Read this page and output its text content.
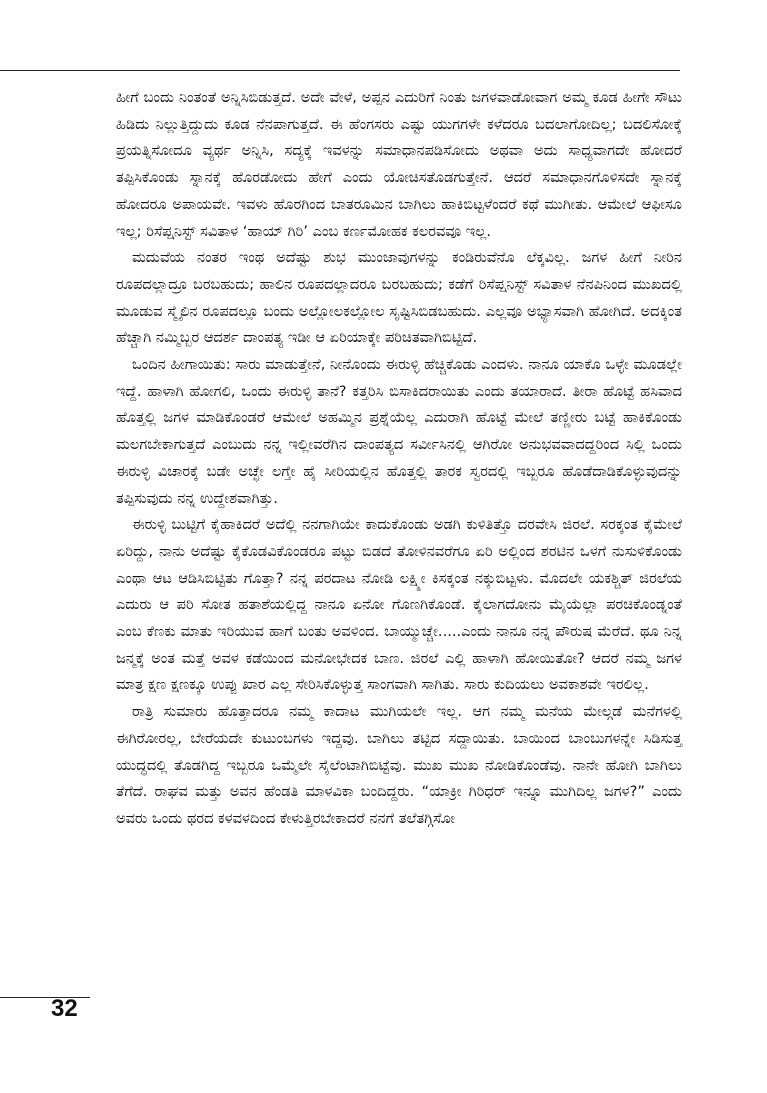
ಹೀಗೆ ಬಂದು ನಿಂತಂತೆ ಅನ್ನಿಸಿಬಿಡುತ್ತದೆ. ಅದೇ ವೇಳೆ, ಅಪ್ಪನ ಎದುರಿಗೆ ನಿಂತು ಜಗಳವಾಡೋವಾಗ ಅಮ್ಮ ಕೂಡ ಹೀಗೇ ಸೌಟು ಹಿಡಿದು ನಿಲ್ಲುತ್ತಿದ್ದುದು ಕೂಡ ನೆನಪಾಗುತ್ತದೆ. ಈ ಹೆಂಗಸರು ಎಷ್ಟು ಯುಗಗಳೇ ಕಳೆದರೂ ಬದಲಾಗೋದಿಲ್ಲ; ಬದಲಿಸೋಕ್ಕೆ ಪ್ರಯತ್ನಿಸೋದೂ ವ್ಯರ್ಥ ಅನ್ನಿಸಿ, ಸದ್ಯಕ್ಕೆ ಇವಳನ್ನು ಸಮಾಧಾನಪಡಿಸೋದು ಅಥವಾ ಅದು ಸಾಧ್ಯವಾಗದೇ ಹೋದರೆ ತಪ್ಪಿಸಿಕೊಂಡು ಸ್ನಾನಕ್ಕೆ ಹೊರಡೋದು ಹೇಗೆ ಎಂದು ಯೋಚಿಸತೊಡಗುತ್ತೇನೆ. ಆದರೆ ಸಮಾಧಾನಗೊಳಿಸದೇ ಸ್ನಾನಕ್ಕೆ ಹೋದರೂ ಅಪಾಯವೇ. ಇವಳು ಹೊರಗಿಂದ ಬಾತರೂಮಿನ ಬಾಗಿಲು ಹಾಕಿಬಿಟ್ಟಳೆಂದರೆ ಕಥೆ ಮುಗೀತು. ಆಮೇಲೆ ಆಫೀಸೂ ಇಲ್ಲ; ರಿಸೆಪ್ಷನಿಸ್ಟ್ ಸವಿತಾಳ ‘ಹಾಯ್ ಗಿರಿ’ ಎಂಬ ಕರ್ಣಮೋಹಕ ಕಲರವವೂ ಇಲ್ಲ.

ಮದುವೆಯ ನಂತರ ಇಂಥ ಅದೆಷ್ಟು ಶುಭ ಮುಂಜಾವುಗಳನ್ನು ಕಂಡಿರುವೆನೊ ಲೆಕ್ಕವಿಲ್ಲ. ಜಗಳ ಹೀಗೆ ನೀರಿನ ರೂಪದಲ್ಲಾದ್ರೂ ಬರಬಹುದು; ಹಾಲಿನ ರೂಪದಲ್ಲಾದರೂ ಬರಬಹುದು; ಕಡೆಗೆ ರಿಸೆಪ್ಷನಿಸ್ಟ್ ಸವಿತಾಳ ನೆನಪಿನಿಂದ ಮುಖದಲ್ಲಿ ಮೂಡುವ ಸ್ಮೈಲಿನ ರೂಪದಲ್ಲೂ ಬಂದು ಅಲ್ಲೋಲಕಲ್ಲೋಲ ಸೃಷ್ಟಿಸಿಬಿಡಬಹುದು. ಎಲ್ಲವೂ ಅಭ್ಯಾಸವಾಗಿ ಹೋಗಿದೆ. ಅದಕ್ಕಿಂತ ಹೆಚ್ಚಾಗಿ ನಮ್ಮಿಬ್ಬರ ಆದರ್ಶ ದಾಂಪತ್ಯ ಇಡೀ ಆ ಏರಿಯಾಕ್ಕೇ ಪರಿಚಿತವಾಗಿಬಿಟ್ಟಿದೆ.

ಒಂದಿನ ಹೀಗಾಯಿತು: ಸಾರು ಮಾಡುತ್ತೇನೆ, ನೀನೊಂದು ಈರುಳ್ಳಿ ಹೆಚ್ಚಿಕೊಡು ಎಂದಳು. ನಾನೂ ಯಾಕೊ ಒಳ್ಳೇ ಮೂಡಲ್ಲೇ ಇದ್ದೆ. ಹಾಳಾಗಿ ಹೋಗಲಿ, ಒಂದು ಈರುಳ್ಳಿ ತಾನೆ? ಕತ್ತರಿಸಿ ಬಿಸಾಕಿದರಾಯಿತು ಎಂದು ತಯಾರಾದೆ. ತೀರಾ ಹೊಟ್ಟೆ ಹಸಿವಾದ ಹೊತ್ತಲ್ಲಿ ಜಗಳ ಮಾಡಿಕೊಂಡರೆ ಆಮೇಲೆ ಅಹಮ್ಮಿನ ಪ್ರಶ್ನೆಯೆಲ್ಲ ಎದುರಾಗಿ ಹೊಟ್ಟೆ ಮೇಲೆ ತಣ್ಣೀರು ಬಟ್ಟೆ ಹಾಕಿಕೊಂಡು ಮಲಗಬೇಕಾಗುತ್ತದೆ ಎಂಬುದು ನನ್ನ ಇಲ್ಲೀವರೆಗಿನ ದಾಂಪತ್ಯದ ಸರ್ವೀಸಿನಲ್ಲಿ ಆಗಿರೋ ಅನುಭವವಾದದ್ದರಿಂದ ಸಿಲ್ಲಿ ಒಂದು ಈರುಳ್ಳಿ ವಿಚಾರಕ್ಕೆ ಬಡೇ ಅಚ್ಛೇ ಲಗ್ತೇ ಹೈ ಸೀರಿಯಲ್ಲಿನ ಹೊತ್ತಲ್ಲಿ ತಾರಕ ಸ್ವರದಲ್ಲಿ ಇಬ್ಬರೂ ಹೊಡೆದಾಡಿಕೊಳ್ಳುವುದನ್ನು ತಪ್ಪಿಸುವುದು ನನ್ನ ಉದ್ದೇಶವಾಗಿತ್ತು.

ಈರುಳ್ಳಿ ಬುಟ್ಟಿಗೆ ಕೈಹಾಕಿದರೆ ಅದೆಲ್ಲಿ ನನಗಾಗಿಯೇ ಕಾದುಕೊಂಡು ಅಡಗಿ ಕುಳಿತಿತ್ತೊ ದರವೇಸಿ ಜಿರಲೆ. ಸರಕ್ಕಂತ ಕೈಮೇಲೆ ಏರಿದ್ದು, ನಾನು ಅದೆಷ್ಟು ಕೈಕೊಡವಿಕೊಂಡರೂ ಪಟ್ಟು ಬಿಡದೆ ತೋಳಿನವರೆಗೂ ಏರಿ ಅಲ್ಲಿಂದ ಶರಟಿನ ಒಳಗೆ ನುಸುಳಿಕೊಂಡು ಎಂಥಾ ಆಟ ಆಡಿಸಿಬಿಟ್ಟಿತು ಗೊತ್ತಾ? ನನ್ನ ಪರದಾಟ ನೋಡಿ ಲಕ್ಷ್ಮೀ ಕಿಸಕ್ಕಂತ ನಕ್ಕುಬಿಟ್ಟಳು. ಮೊದಲೇ ಯಕಶ್ಚಿತ್ ಜಿರಲೆಯ ಎದುರು ಆ ಪರಿ ಸೋತ ಹತಾಶೆಯಲ್ಲಿದ್ದ ನಾನೂ ಏನೋ ಗೊಣಗಿಕೊಂಡೆ. ಕೈಲಾಗದೋನು ಮೈಯೆಲ್ಲಾ ಪರಚಿಕೊಂಡ್ನಂತೆ ಎಂಬ ಕೆಣಕು ಮಾತು ಇರಿಯುವ ಹಾಗೆ ಬಂತು ಅವಳಿಂದ. ಬಾಯ್ಮುಚ್ಚೇ.....ಎಂದು ನಾನೂ ನನ್ನ ಪೌರುಷ ಮೆರೆದೆ. ಥೂ ನಿನ್ನ ಜನ್ಮಕ್ಕೆ ಅಂತ ಮತ್ತೆ ಅವಳ ಕಡೆಯಿಂದ ಮನೋಭೇದಕ ಬಾಣ. ಜಿರಲೆ ಎಲ್ಲಿ ಹಾಳಾಗಿ ಹೋಯಿತೋ? ಆದರೆ ನಮ್ಮ ಜಗಳ ಮಾತ್ರ ಕ್ಷಣ ಕ್ಷಣಕ್ಕೂ ಉಪ್ಪು ಖಾರ ಎಲ್ಲ ಸೇರಿಸಿಕೊಳ್ಳುತ್ತ ಸಾಂಗವಾಗಿ ಸಾಗಿತು. ಸಾರು ಕುದಿಯಲು ಅವಕಾಶವೇ ಇರಲಿಲ್ಲ.

ರಾತ್ರಿ ಸುಮಾರು ಹೊತ್ತಾದರೂ ನಮ್ಮ ಕಾದಾಟ ಮುಗಿಯಲೇ ಇಲ್ಲ. ಆಗ ನಮ್ಮ ಮನೆಯ ಮೇಲ್ಗಡೆ ಮನೆಗಳಲ್ಲಿ ಈಗಿರೋರಲ್ಲ, ಬೇರೆಯದೇ ಕುಟುಂಬಗಳು ಇದ್ದವು. ಬಾಗಿಲು ತಟ್ಟಿದ ಸದ್ದಾಯಿತು. ಬಾಯಿಂದ ಬಾಂಬುಗಳನ್ನೇ ಸಿಡಿಸುತ್ತ ಯುದ್ಧದಲ್ಲಿ ತೊಡಗಿದ್ದ ಇಬ್ಬರೂ ಒಮ್ಮೆಲೇ ಸೈಲೆಂಟಾಗಿಬಿಟ್ಟೆವು. ಮುಖ ಮುಖ ನೋಡಿಕೊಂಡೆವು. ನಾನೇ ಹೋಗಿ ಬಾಗಿಲು ತೆಗೆದೆ. ರಾಘವ ಮತ್ತು ಅವನ ಹೆಂಡತಿ ಮಾಳವಿಕಾ ಬಂದಿದ್ದರು. “ಯಾಕ್ರೀ ಗಿರಿಧರ್ ಇನ್ನೂ ಮುಗಿದಿಲ್ಲ ಜಗಳ?” ಎಂದು ಅವರು ಒಂದು ಥರದ ಕಳವಳದಿಂದ ಕೇಳುತ್ತಿರಬೇಕಾದರೆ ನನಗೆ ತಲೆತಗ್ಗಿಸೋ

32
